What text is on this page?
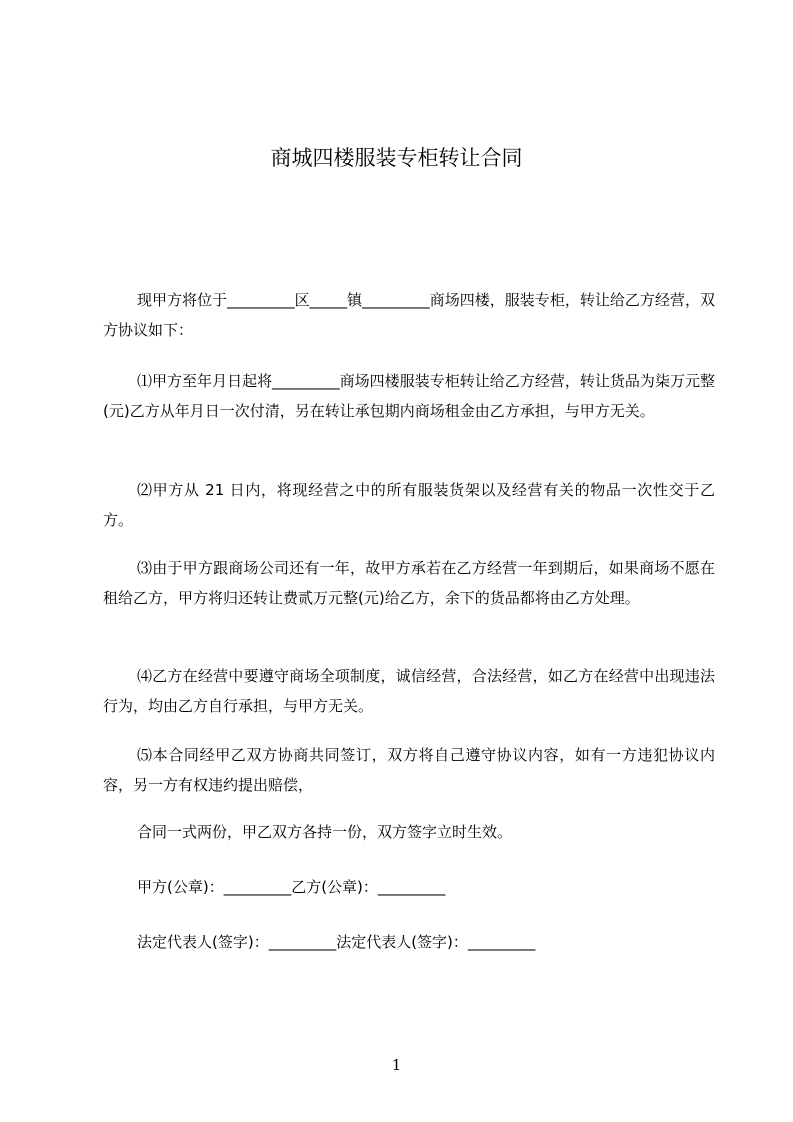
商城四楼服装专柜转让合同

现甲方将位于_________区_____镇_________商场四楼，服装专柜，转让给乙方经营，双方协议如下：

⑴甲方至年月日起将_________商场四楼服装专柜转让给乙方经营，转让货品为柒万元整(元)乙方从年月日一次付清，另在转让承包期内商场租金由乙方承担，与甲方无关。

⑵甲方从 21 日内，将现经营之中的所有服装货架以及经营有关的物品一次性交于乙方。

⑶由于甲方跟商场公司还有一年，故甲方承若在乙方经营一年到期后，如果商场不愿在租给乙方，甲方将归还转让费贰万元整(元)给乙方，余下的货品都将由乙方处理。

⑷乙方在经营中要遵守商场全项制度，诚信经营，合法经营，如乙方在经营中出现违法行为，均由乙方自行承担，与甲方无关。

⑸本合同经甲乙双方协商共同签订，双方将自己遵守协议内容，如有一方违犯协议内容，另一方有权违约提出赔偿，

合同一式两份，甲乙双方各持一份，双方签字立时生效。

甲方(公章)：_________乙方(公章)：_________

法定代表人(签字)：_________法定代表人(签字)：_________

1
